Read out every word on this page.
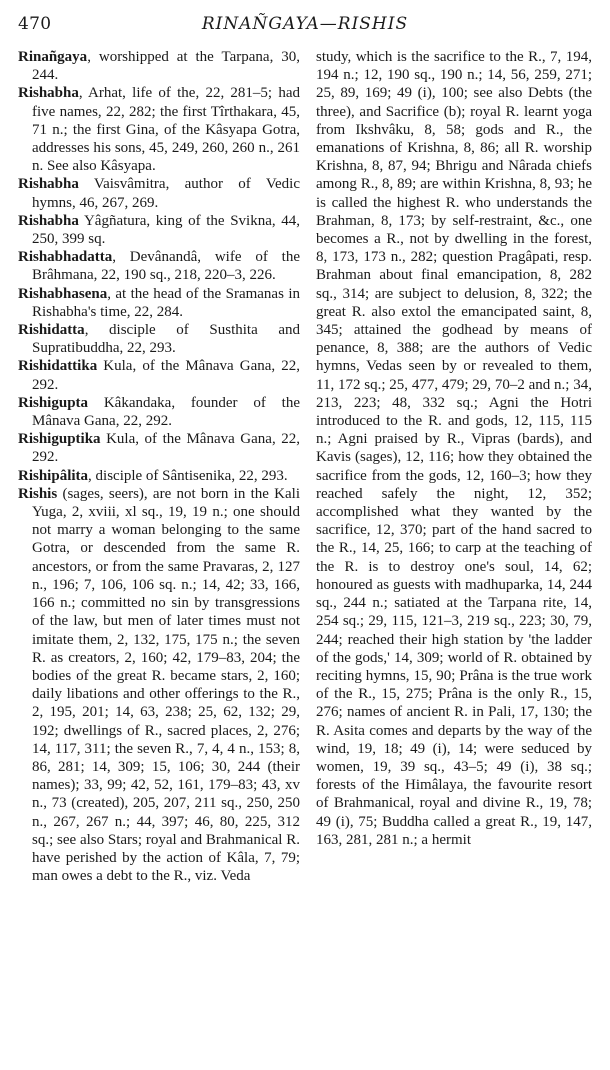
470	RINAÑGAYA—RISHIS

Rinañgaya, worshipped at the Tarpana, 30, 244.

Rishabha, Arhat, life of the, 22, 281–5; had five names, 22, 282; the first Tîrthakara, 45, 71 n.; the first Gina, of the Kâsyapa Gotra, addresses his sons, 45, 249, 260, 260 n., 261 n. See also Kâsyapa.

Rishabha Vaisvâmitra, author of Vedic hymns, 46, 267, 269.

Rishabha Yâgñatura, king of the Svikna, 44, 250, 399 sq.

Rishabhadatta, Devânandâ, wife of the Brâhmana, 22, 190 sq., 218, 220–3, 226.

Rishabhasena, at the head of the Sramanas in Rishabha's time, 22, 284.

Rishidatta, disciple of Susthita and Supratibuddha, 22, 293.

Rishidattika Kula, of the Mânava Gana, 22, 292.

Rishigupta Kâkandaka, founder of the Mânava Gana, 22, 292.

Rishiguptika Kula, of the Mânava Gana, 22, 292.

Rishipâlita, disciple of Sântisenika, 22, 293.

Rishis (sages, seers), are not born in the Kali Yuga, 2, xviii, xl sq., 19, 19 n.; one should not marry a woman belonging to the same Gotra, or descended from the same R. ancestors, or from the same Pravaras, 2, 127 n., 196; 7, 106, 106 sq. n.; 14, 42; 33, 166, 166 n.; committed no sin by transgressions of the law, but men of later times must not imitate them, 2, 132, 175, 175 n.; the seven R. as creators, 2, 160; 42, 179–83, 204; the bodies of the great R. became stars, 2, 160; daily libations and other offerings to the R., 2, 195, 201; 14, 63, 238; 25, 62, 132; 29, 192; dwellings of R., sacred places, 2, 276; 14, 117, 311; the seven R., 7, 4, 4 n., 153; 8, 86, 281; 14, 309; 15, 106; 30, 244 (their names); 33, 99; 42, 52, 161, 179–83; 43, xv n., 73 (created), 205, 207, 211 sq., 250, 250 n., 267, 267 n.; 44, 397; 46, 80, 225, 312 sq.; see also Stars; royal and Brahmanical R. have perished by the action of Kâla, 7, 79; man owes a debt to the R., viz. Veda

study, which is the sacrifice to the R., 7, 194, 194 n.; 12, 190 sq., 190 n.; 14, 56, 259, 271; 25, 89, 169; 49 (i), 100; see also Debts (the three), and Sacrifice (b); royal R. learnt yoga from Ikshvâku, 8, 58; gods and R., the emanations of Krishna, 8, 86; all R. worship Krishna, 8, 87, 94; Bhrigu and Nârada chiefs among R., 8, 89; are within Krishna, 8, 93; he is called the highest R. who understands the Brahman, 8, 173; by self-restraint, &c., one becomes a R., not by dwelling in the forest, 8, 173, 173 n., 282; question Pragâpati, resp. Brahman about final emancipation, 8, 282 sq., 314; are subject to delusion, 8, 322; the great R. also extol the emancipated saint, 8, 345; attained the godhead by means of penance, 8, 388; are the authors of Vedic hymns, Vedas seen by or revealed to them, 11, 172 sq.; 25, 477, 479; 29, 70–2 and n.; 34, 213, 223; 48, 332 sq.; Agni the Hotri introduced to the R. and gods, 12, 115, 115 n.; Agni praised by R., Vipras (bards), and Kavis (sages), 12, 116; how they obtained the sacrifice from the gods, 12, 160–3; how they reached safely the night, 12, 352; accomplished what they wanted by the sacrifice, 12, 370; part of the hand sacred to the R., 14, 25, 166; to carp at the teaching of the R. is to destroy one's soul, 14, 62; honoured as guests with madhuparka, 14, 244 sq., 244 n.; satiated at the Tarpana rite, 14, 254 sq.; 29, 115, 121–3, 219 sq., 223; 30, 79, 244; reached their high station by 'the ladder of the gods,' 14, 309; world of R. obtained by reciting hymns, 15, 90; Prâna is the true work of the R., 15, 275; Prâna is the only R., 15, 276; names of ancient R. in Pali, 17, 130; the R. Asita comes and departs by the way of the wind, 19, 18; 49 (i), 14; were seduced by women, 19, 39 sq., 43–5; 49 (i), 38 sq.; forests of the Himâlaya, the favourite resort of Brahmanical, royal and divine R., 19, 78; 49 (i), 75; Buddha called a great R., 19, 147, 163, 281, 281 n.; a hermit
